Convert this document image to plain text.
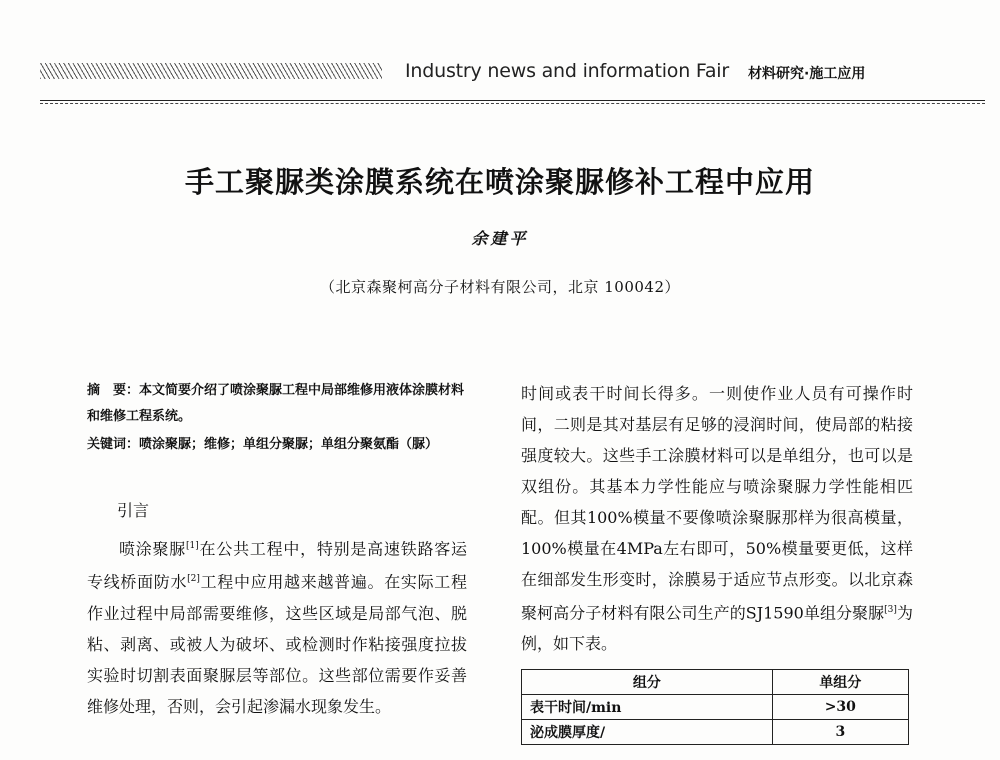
Industry news and information Fair 材料研究·施工应用
手工聚脲类涂膜系统在喷涂聚脲修补工程中应用
余建平
（北京森聚柯高分子材料有限公司，北京 100042）

摘　要：本文简要介绍了喷涂聚脲工程中局部维修用液体涂膜材料和维修工程系统。

关键词：喷涂聚脲；维修；单组分聚脲；单组分聚氨酯（脲）

引言

喷涂聚脲[1]在公共工程中，特别是高速铁路客运专线桥面防水[2]工程中应用越来越普遍。在实际工程作业过程中局部需要维修，这些区域是局部气泡、脱粘、剥离、或被人为破坏、或检测时作粘接强度拉拔实验时切割表面聚脲层等部位。这些部位需要作妥善维修处理，否则，会引起渗漏水现象发生。

时间或表干时间长得多。一则使作业人员有可操作时间，二则是其对基层有足够的浸润时间，使局部的粘接强度较大。这些手工涂膜材料可以是单组分，也可以是双组份。其基本力学性能应与喷涂聚脲力学性能相匹配。但其100%模量不要像喷涂聚脲那样为很高模量，100%模量在4MPa左右即可，50%模量要更低，这样在细部发生形变时，涂膜易于适应节点形变。以北京森聚柯高分子材料有限公司生产的SJ1590单组分聚脲[3]为例，如下表。

组分	单组分
表干时间/min	>30
泌成膜厚度/	3
